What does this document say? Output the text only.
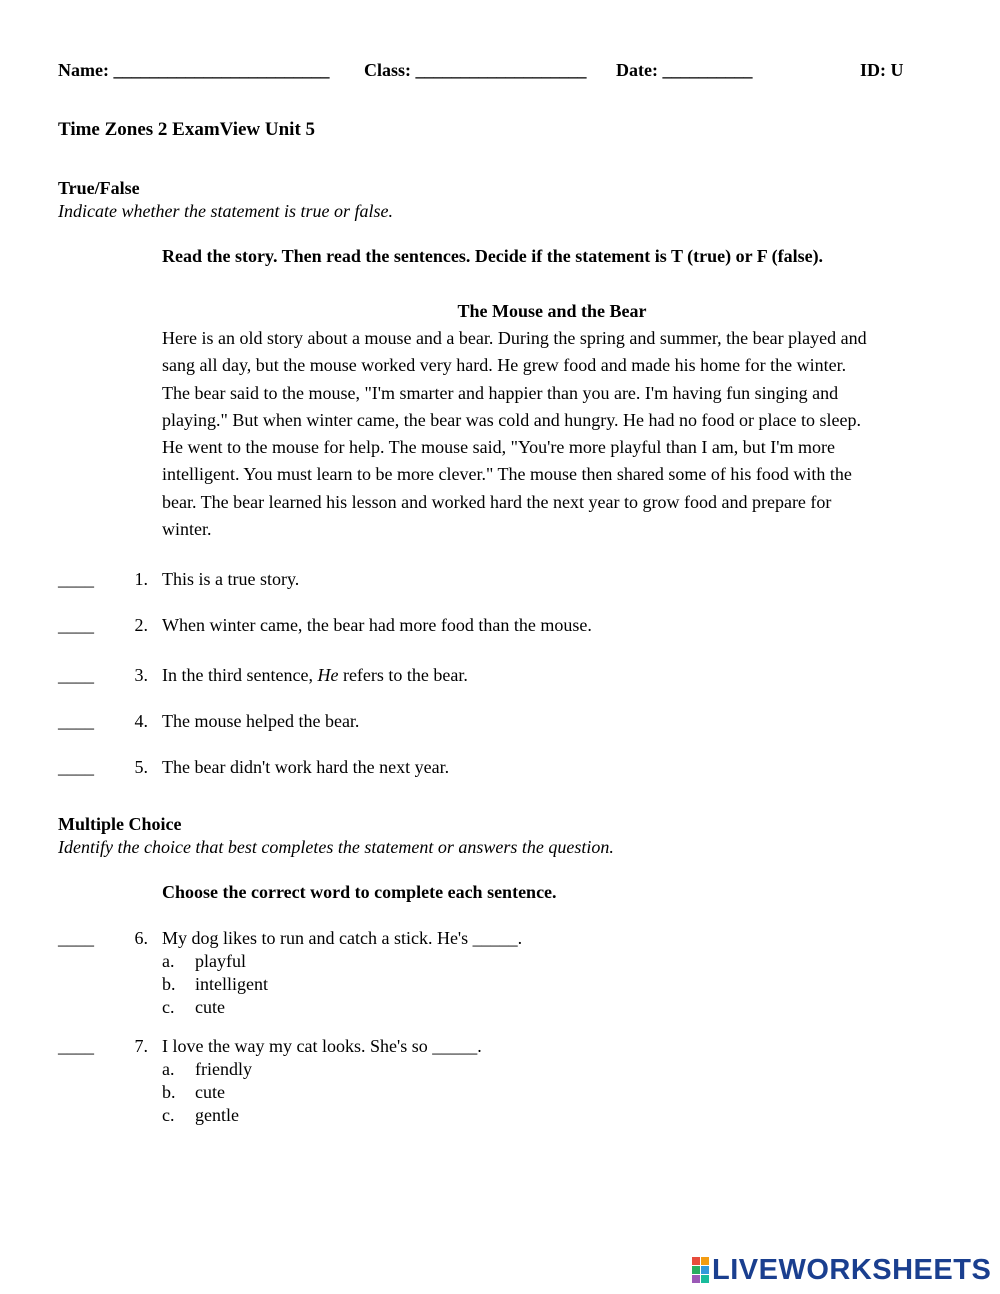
Name: ________________________ Class: ___________________ Date: __________	ID: U
Time Zones 2 ExamView Unit 5
True/False
Indicate whether the statement is true or false.
Read the story. Then read the sentences. Decide if the statement is T (true) or F (false).
The Mouse and the Bear
Here is an old story about a mouse and a bear. During the spring and summer, the bear played and
sang all day, but the mouse worked very hard. He grew food and made his home for the winter.
The bear said to the mouse, "I'm smarter and happier than you are. I'm having fun singing and
playing." But when winter came, the bear was cold and hungry. He had no food or place to sleep.
He went to the mouse for help. The mouse said, "You're more playful than I am, but I'm more
intelligent. You must learn to be more clever." The mouse then shared some of his food with the
bear. The bear learned his lesson and worked hard the next year to grow food and prepare for
winter.
____ 1. This is a true story.
____ 2. When winter came, the bear had more food than the mouse.
____ 3. In the third sentence, He refers to the bear.
____ 4. The mouse helped the bear.
____ 5. The bear didn't work hard the next year.
Multiple Choice
Identify the choice that best completes the statement or answers the question.
Choose the correct word to complete each sentence.
____ 6. My dog likes to run and catch a stick. He's _____.
a. playful
b. intelligent
c. cute
____ 7. I love the way my cat looks. She's so _____.
a. friendly
b. cute
c. gentle
LIVEWORKSHEETS
